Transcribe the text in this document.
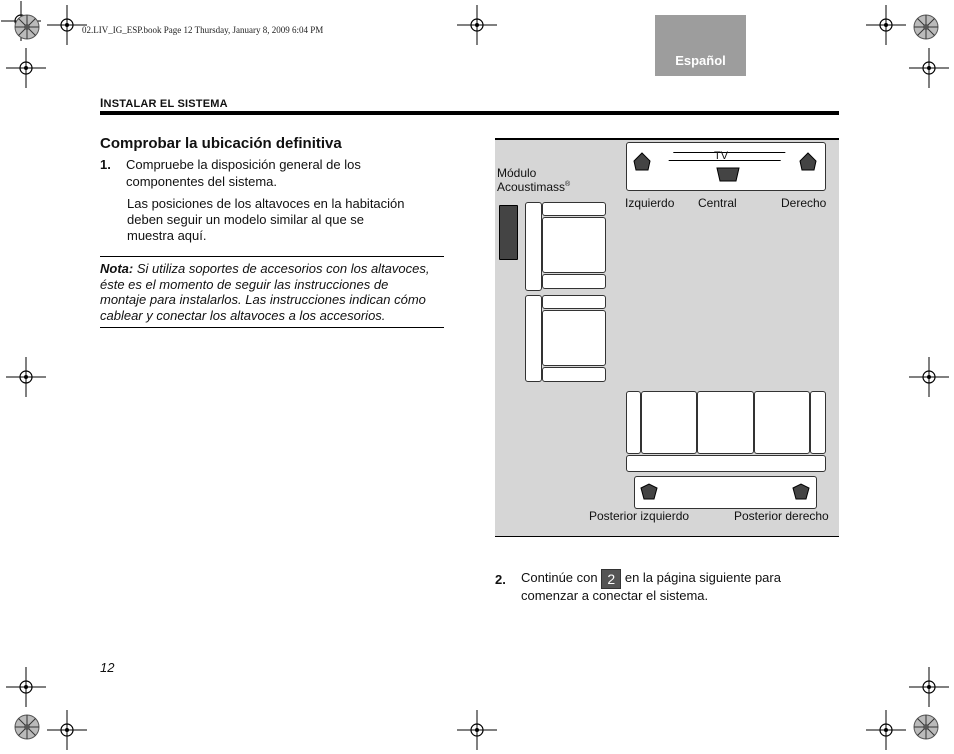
02.LIV_IG_ESP.book Page 12 Thursday, January 8, 2009 6:04 PM
Español
INSTALAR EL SISTEMA
Comprobar la ubicación definitiva
1. Compruebe la disposición general de los
componentes del sistema.
Las posiciones de los altavoces en la habitación
deben seguir un modelo similar al que se
muestra aquí.
Nota: Si utiliza soportes de accesorios con los altavoces,
éste es el momento de seguir las instrucciones de
montaje para instalarlos. Las instrucciones indican cómo
cablear y conectar los altavoces a los accesorios.
Módulo
Acoustimass®
TV
Izquierdo Central	Derecho
Posterior izquierdo	Posterior derecho
2. Continúe con 2 en la página siguiente para
comenzar a conectar el sistema.
12
